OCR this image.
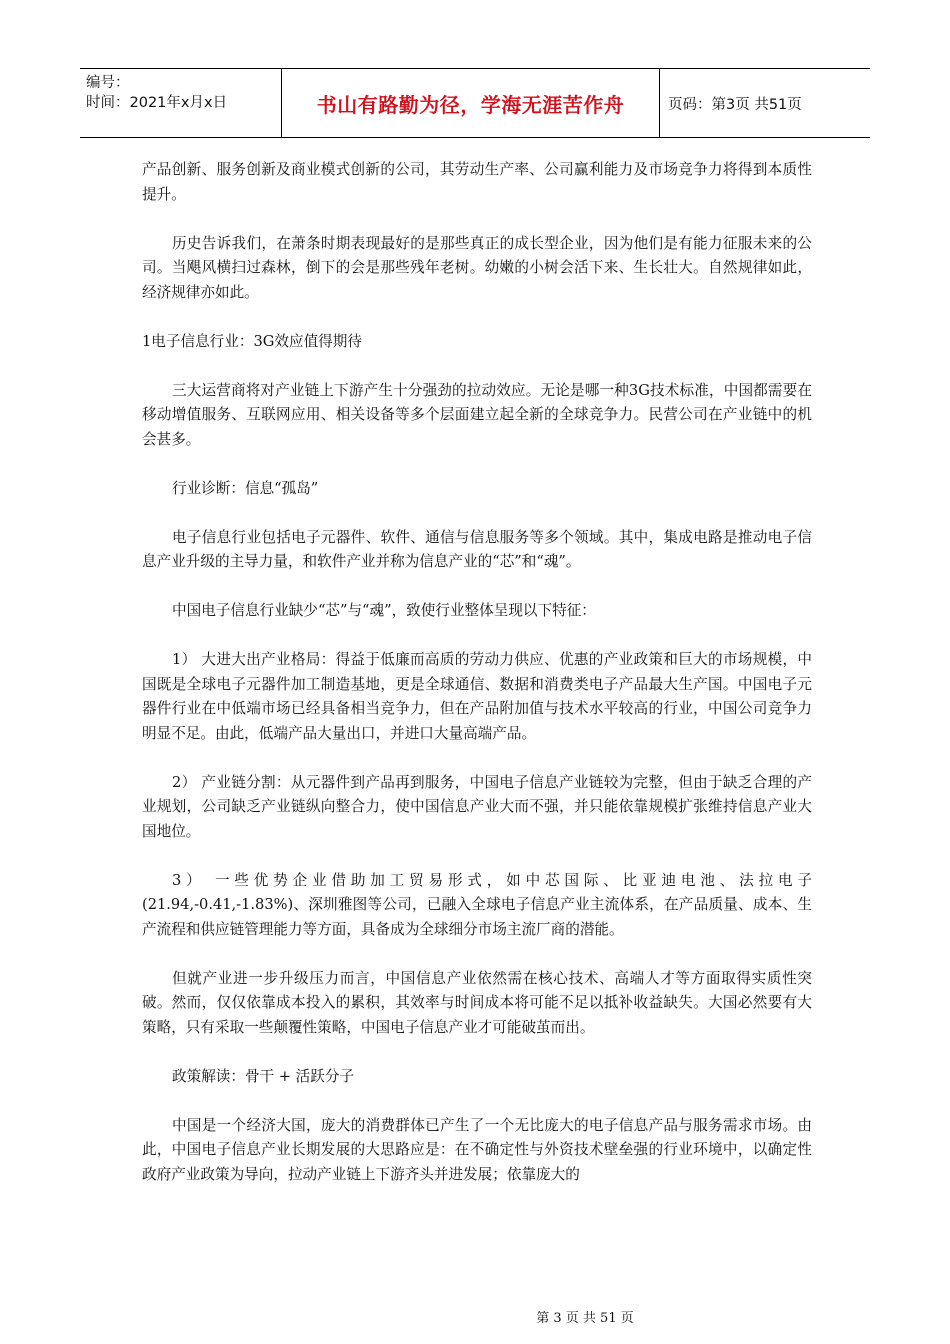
编号：
时间：2021年x月x日	书山有路勤为径，学海无涯苦作舟	页码：第3页 共51页

产品创新、服务创新及商业模式创新的公司，其劳动生产率、公司赢利能力及市场竞争力将得到本质性提升。

历史告诉我们，在萧条时期表现最好的是那些真正的成长型企业，因为他们是有能力征服未来的公司。当飓风横扫过森林，倒下的会是那些残年老树。幼嫩的小树会活下来、生长壮大。自然规律如此，经济规律亦如此。

1电子信息行业：3G效应值得期待

三大运营商将对产业链上下游产生十分强劲的拉动效应。无论是哪一种3G技术标准，中国都需要在移动增值服务、互联网应用、相关设备等多个层面建立起全新的全球竞争力。民营公司在产业链中的机会甚多。

行业诊断：信息“孤岛”

电子信息行业包括电子元器件、软件、通信与信息服务等多个领域。其中，集成电路是推动电子信息产业升级的主导力量，和软件产业并称为信息产业的“芯”和“魂”。

中国电子信息行业缺少“芯”与“魂”，致使行业整体呈现以下特征：

1） 大进大出产业格局：得益于低廉而高质的劳动力供应、优惠的产业政策和巨大的市场规模，中国既是全球电子元器件加工制造基地，更是全球通信、数据和消费类电子产品最大生产国。中国电子元器件行业在中低端市场已经具备相当竞争力，但在产品附加值与技术水平较高的行业，中国公司竞争力明显不足。由此，低端产品大量出口，并进口大量高端产品。

2） 产业链分割：从元器件到产品再到服务，中国电子信息产业链较为完整，但由于缺乏合理的产业规划，公司缺乏产业链纵向整合力，使中国信息产业大而不强，并只能依靠规模扩张维持信息产业大国地位。

3） 一些优势企业借助加工贸易形式，如中芯国际、比亚迪电池、法拉电子(21.94,-0.41,-1.83%)、深圳雅图等公司，已融入全球电子信息产业主流体系，在产品质量、成本、生产流程和供应链管理能力等方面，具备成为全球细分市场主流厂商的潜能。

但就产业进一步升级压力而言，中国信息产业依然需在核心技术、高端人才等方面取得实质性突破。然而，仅仅依靠成本投入的累积，其效率与时间成本将可能不足以抵补收益缺失。大国必然要有大策略，只有采取一些颠覆性策略，中国电子信息产业才可能破茧而出。

政策解读：骨干 + 活跃分子

中国是一个经济大国，庞大的消费群体已产生了一个无比庞大的电子信息产品与服务需求市场。由此，中国电子信息产业长期发展的大思路应是：在不确定性与外资技术壁垒强的行业环境中，以确定性政府产业政策为导向，拉动产业链上下游齐头并进发展；依靠庞大的

第 3 页 共 51 页
